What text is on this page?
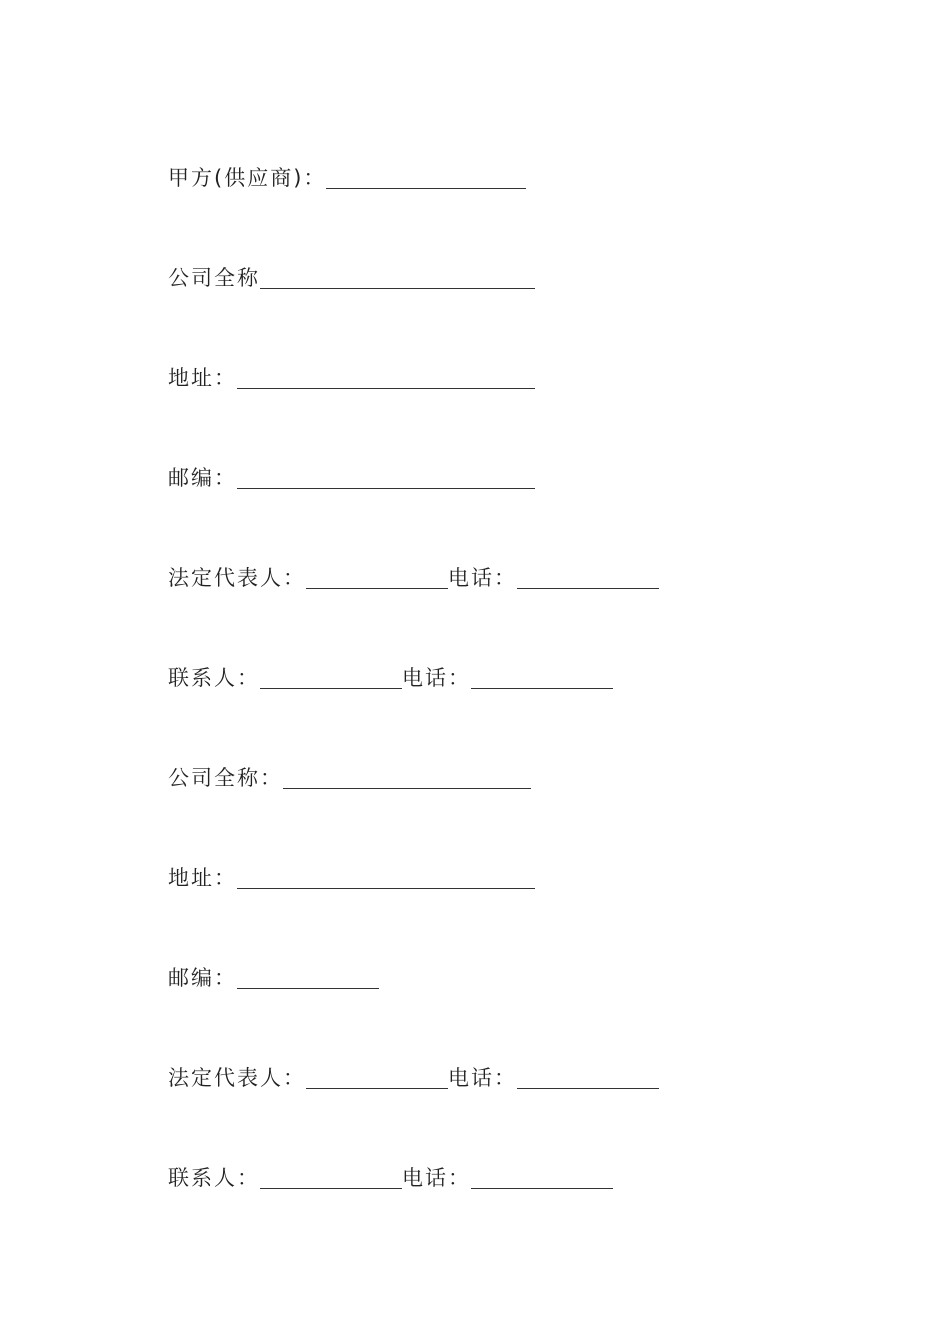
甲方(供应商)：
公司全称
地址：
邮编：
法定代表人：	电话：
联系人：	电话：
公司全称：
地址：
邮编：
法定代表人：	电话：
联系人：	电话：
